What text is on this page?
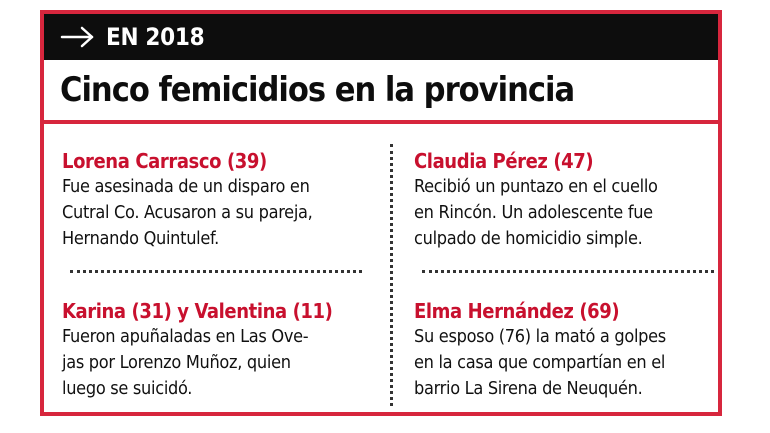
EN 2018
Cinco femicidios en la provincia

Lorena Carrasco (39)

Fue asesinada de un disparo en
Cutral Co. Acusaron a su pareja,
Hernando Quintulef.

Claudia Pérez (47)

Recibió un puntazo en el cuello
en Rincón. Un adolescente fue
culpado de homicidio simple.

Karina (31) y Valentina (11)

Fueron apuñaladas en Las Ove-
jas por Lorenzo Muñoz, quien
luego se suicidó.

Elma Hernández (69)

Su esposo (76) la mató a golpes
en la casa que compartían en el
barrio La Sirena de Neuquén.
